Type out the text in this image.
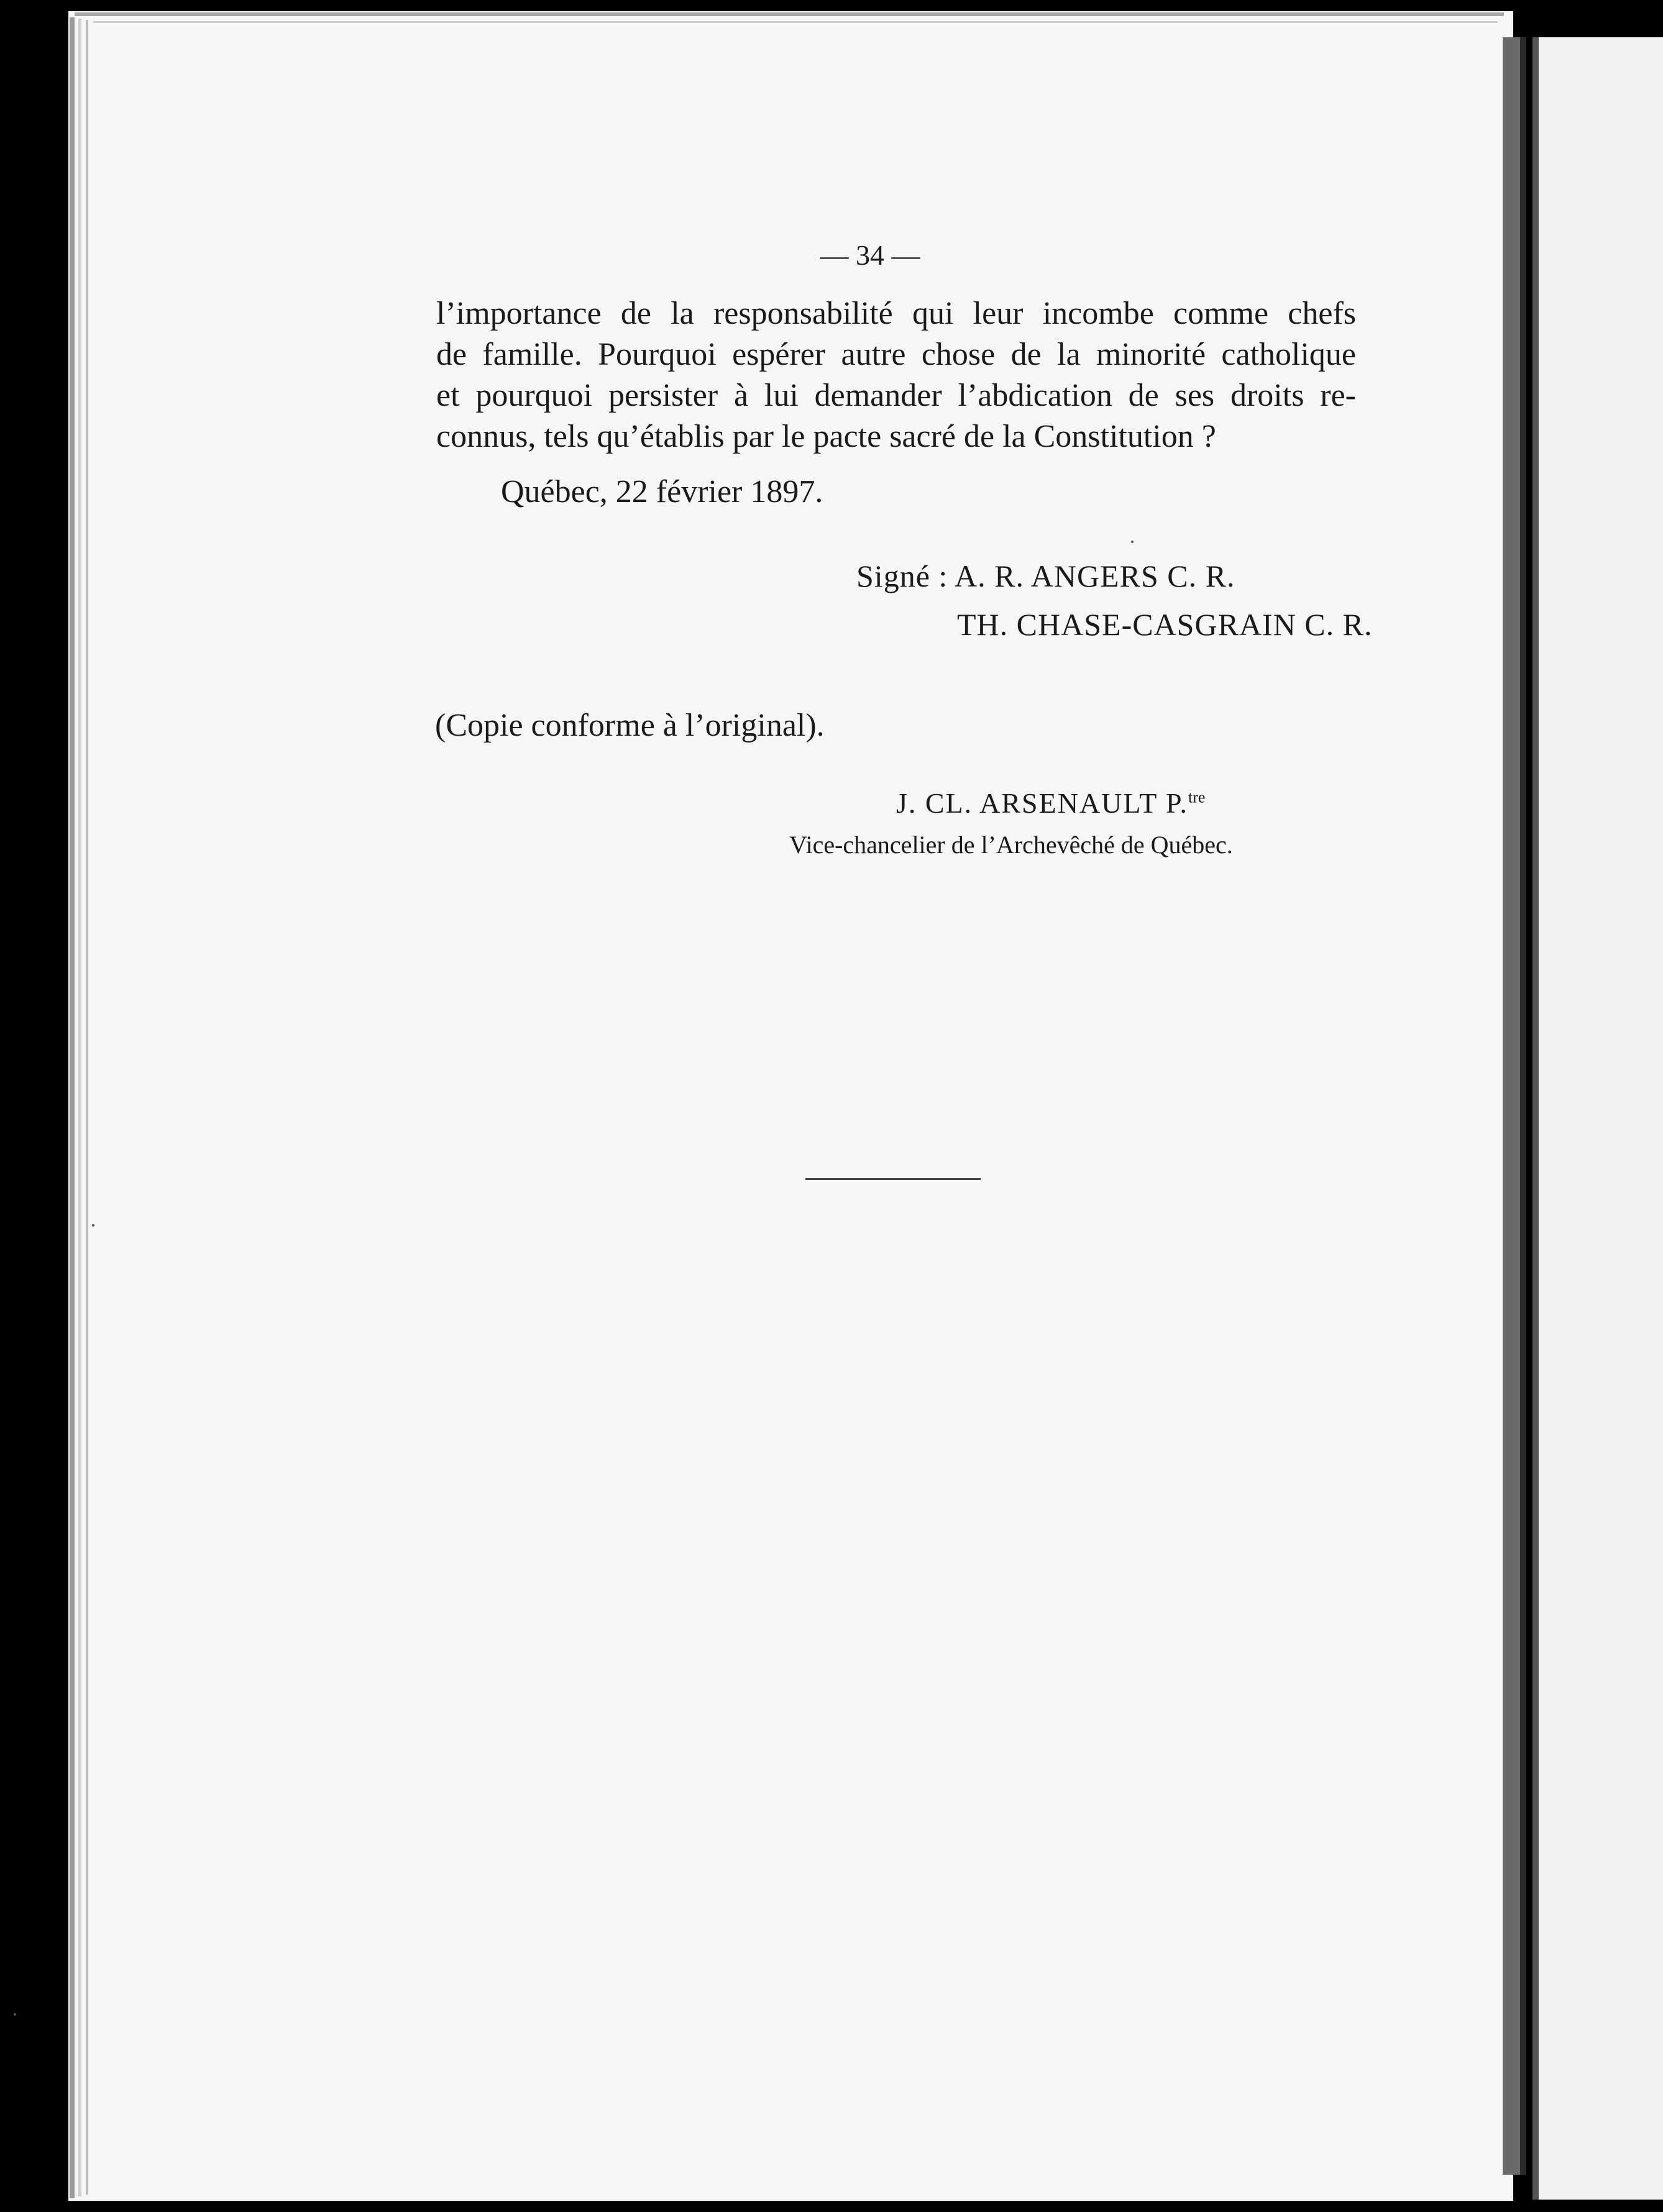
— 34 —
l’importance de la responsabilité qui leur incombe comme chefs
de famille. Pourquoi espérer autre chose de la minorité catholique
et pourquoi persister à lui demander l’abdication de ses droits re-
connus, tels qu’établis par le pacte sacré de la Constitution ?
Québec, 22 février 1897.
Signé : A. R. ANGERS C. R.
TH. CHASE-CASGRAIN C. R.
(Copie conforme à l’original).
J. CL. ARSENAULT P.$^{tre}$
Vice-chancelier de l’Archevêché de Québec.
